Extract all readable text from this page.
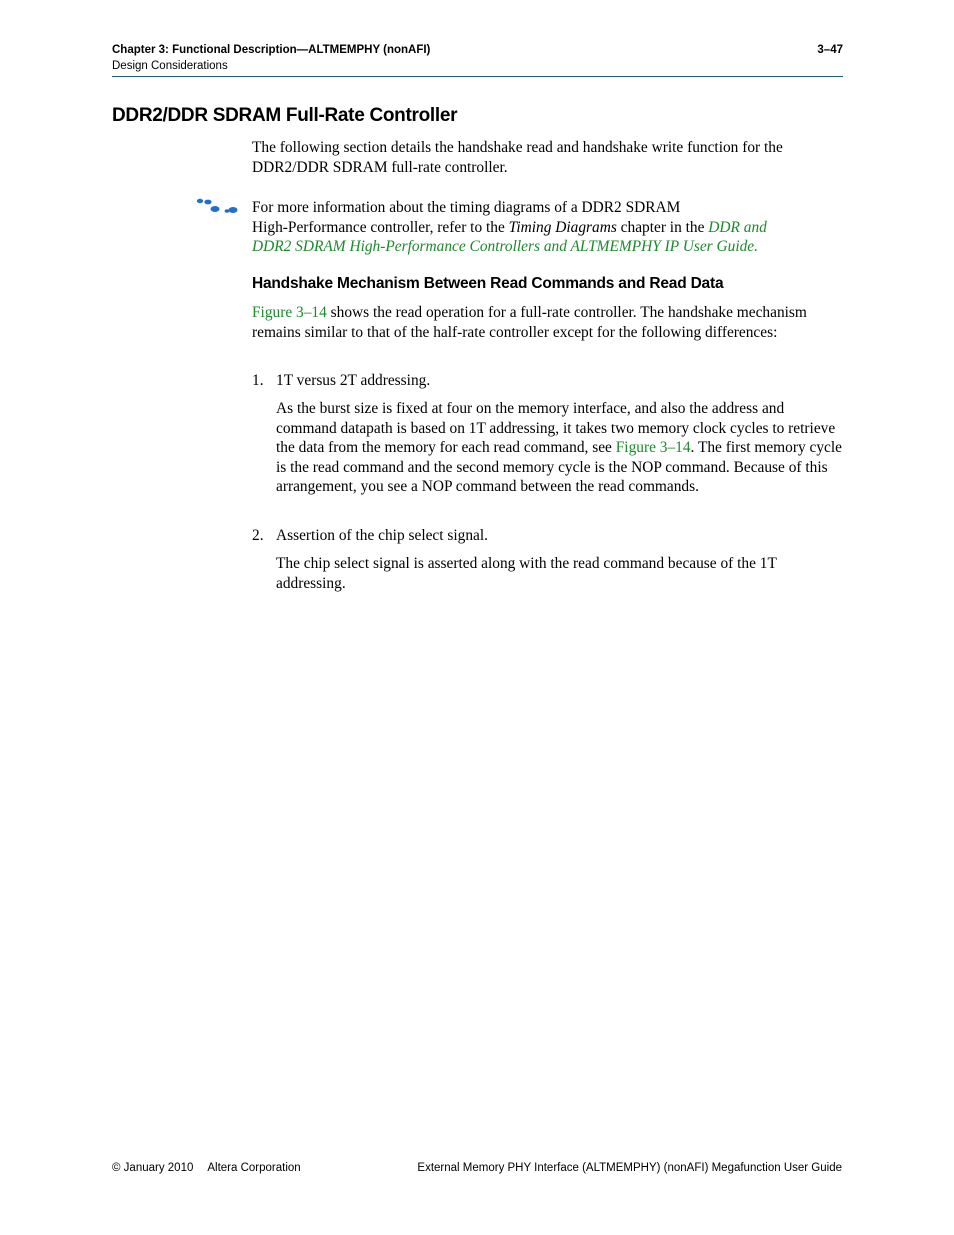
Chapter 3: Functional Description—ALTMEMPHY (nonAFI)
Design Considerations
3–47
DDR2/DDR SDRAM Full-Rate Controller
The following section details the handshake read and handshake write function for the DDR2/DDR SDRAM full-rate controller.
For more information about the timing diagrams of a DDR2 SDRAM
High-Performance controller, refer to the Timing Diagrams chapter in the DDR and
DDR2 SDRAM High-Performance Controllers and ALTMEMPHY IP User Guide.
Handshake Mechanism Between Read Commands and Read Data
Figure 3–14 shows the read operation for a full-rate controller. The handshake mechanism remains similar to that of the half-rate controller except for the following differences:
1. 1T versus 2T addressing.
As the burst size is fixed at four on the memory interface, and also the address and command datapath is based on 1T addressing, it takes two memory clock cycles to retrieve the data from the memory for each read command, see Figure 3–14. The first memory cycle is the read command and the second memory cycle is the NOP command. Because of this arrangement, you see a NOP command between the read commands.
2. Assertion of the chip select signal.
The chip select signal is asserted along with the read command because of the 1T addressing.
© January 2010 Altera Corporation	External Memory PHY Interface (ALTMEMPHY) (nonAFI) Megafunction User Guide
